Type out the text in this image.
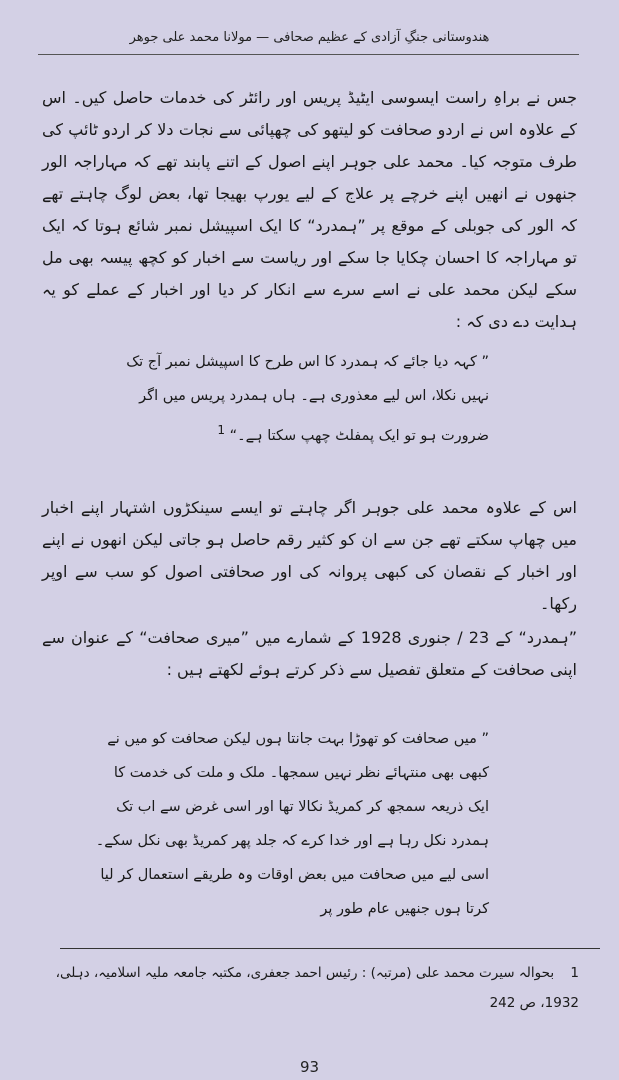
ھندوستانی جنگِ آزادی کے عظیم صحافی — مولانا محمد علی جوھر
جس نے براہِ راست ایسوسی ایٹیڈ پریس اور رائٹر کی خدمات حاصل کیں۔ اس کے علاوہ اس نے اردو صحافت کو لیتھو کی چھپائی سے نجات دلا کر اردو ٹائپ کی طرف متوجہ کیا۔ محمد علی جوہر اپنے اصول کے اتنے پابند تھے کہ مہاراجہ الور جنھوں نے انھیں اپنے خرچے پر علاج کے لیے یورپ بھیجا تھا، بعض لوگ چاہتے تھے کہ الور کی جوبلی کے موقع پر ”ہمدرد“ کا ایک اسپیشل نمبر شائع ہوتا کہ ایک تو مہاراجہ کا احسان چکایا جا سکے اور ریاست سے اخبار کو کچھ پیسہ بھی مل سکے لیکن محمد علی نے اسے سرے سے انکار کر دیا اور اخبار کے عملے کو یہ ہدایت دے دی کہ :
” کہہ دیا جائے کہ ہمدرد کا اس طرح کا اسپیشل نمبر آج تک نہیں نکلا، اس لیے معذوری ہے۔ ہاں ہمدرد پریس میں اگر ضرورت ہو تو ایک پمفلٹ چھپ سکتا ہے۔“ $^1$
اس کے علاوہ محمد علی جوہر اگر چاہتے تو ایسے سینکڑوں اشتہار اپنے اخبار میں چھاپ سکتے تھے جن سے ان کو کثیر رقم حاصل ہو جاتی لیکن انھوں نے اپنے اور اخبار کے نقصان کی کبھی پروانہ کی اور صحافتی اصول کو سب سے اوپر رکھا۔
”ہمدرد“ کے 23 / جنوری 1928 کے شمارے میں ”میری صحافت“ کے عنوان سے اپنی صحافت کے متعلق تفصیل سے ذکر کرتے ہوئے لکھتے ہیں :
” میں صحافت کو تھوڑا بہت جانتا ہوں لیکن صحافت کو میں نے کبھی بھی منتہائے نظر نہیں سمجھا۔ ملک و ملت کی خدمت کا ایک ذریعہ سمجھ کر کمریڈ نکالا تھا اور اسی غرض سے اب تک ہمدرد نکل رہا ہے اور خدا کرے کہ جلد پھر کمریڈ بھی نکل سکے۔ اسی لیے میں صحافت میں بعض اوقات وہ طریقے استعمال کر لیا کرتا ہوں جنھیں عام طور پر
1 بحوالہ سیرت محمد علی (مرتبہ) : رئیس احمد جعفری، مکتبہ جامعہ ملیہ اسلامیہ، دہلی، 1932، ص 242
93
